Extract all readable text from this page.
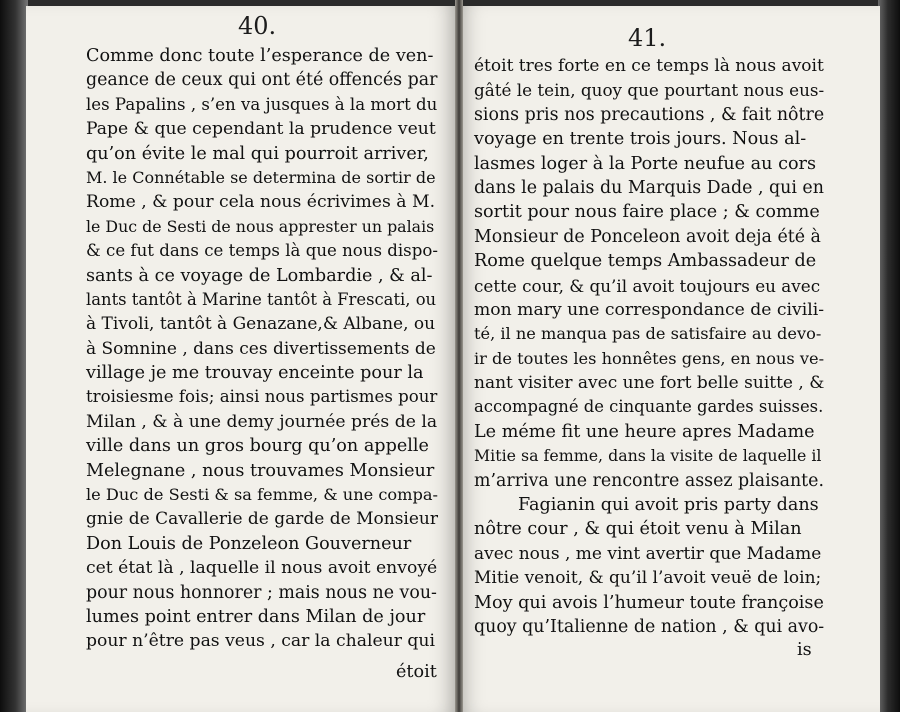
40.
Comme donc toute l’esperance de ven-
geance de ceux qui ont été offencés par
les Papalins , s’en va jusques à la mort du
Pape & que cependant la prudence veut
qu’on évite le mal qui pourroit arriver,
M. le Connétable se determina de sortir de
Rome , & pour cela nous écrivimes à M.
le Duc de Sesti de nous apprester un palais
& ce fut dans ce temps là que nous dispo-
sants à ce voyage de Lombardie , & al-
lants tantôt à Marine tantôt à Frescati, ou
à Tivoli, tantôt à Genazane,& Albane, ou
à Somnine , dans ces divertissements de
village je me trouvay enceinte pour la
troisiesme fois; ainsi nous partismes pour
Milan , & à une demy journée prés de la
ville dans un gros bourg qu’on appelle
Melegnane , nous trouvames Monsieur
le Duc de Sesti & sa femme, & une compa-
gnie de Cavallerie de garde de Monsieur
Don Louis de Ponzeleon Gouverneur
cet état là , laquelle il nous avoit envoyé
pour nous honnorer ; mais nous ne vou-
lumes point entrer dans Milan de jour
pour n’être pas veus , car la chaleur qui
étoit
41.
étoit tres forte en ce temps là nous avoit
gâté le tein, quoy que pourtant nous eus-
sions pris nos precautions , & fait nôtre
voyage en trente trois jours. Nous al-
lasmes loger à la Porte neufue au cors
dans le palais du Marquis Dade , qui en
sortit pour nous faire place ; & comme
Monsieur de Ponceleon avoit deja été à
Rome quelque temps Ambassadeur de
cette cour, & qu’il avoit toujours eu avec
mon mary une correspondance de civili-
té, il ne manqua pas de satisfaire au devo-
ir de toutes les honnêtes gens, en nous ve-
nant visiter avec une fort belle suitte , &
accompagné de cinquante gardes suisses.
Le méme fit une heure apres Madame
Mitie sa femme, dans la visite de laquelle il
m’arriva une rencontre assez plaisante.
Fagianin qui avoit pris party dans
nôtre cour , & qui étoit venu à Milan
avec nous , me vint avertir que Madame
Mitie venoit, & qu’il l’avoit veuë de loin;
Moy qui avois l’humeur toute françoise
quoy qu’Italienne de nation , & qui avo-
is
